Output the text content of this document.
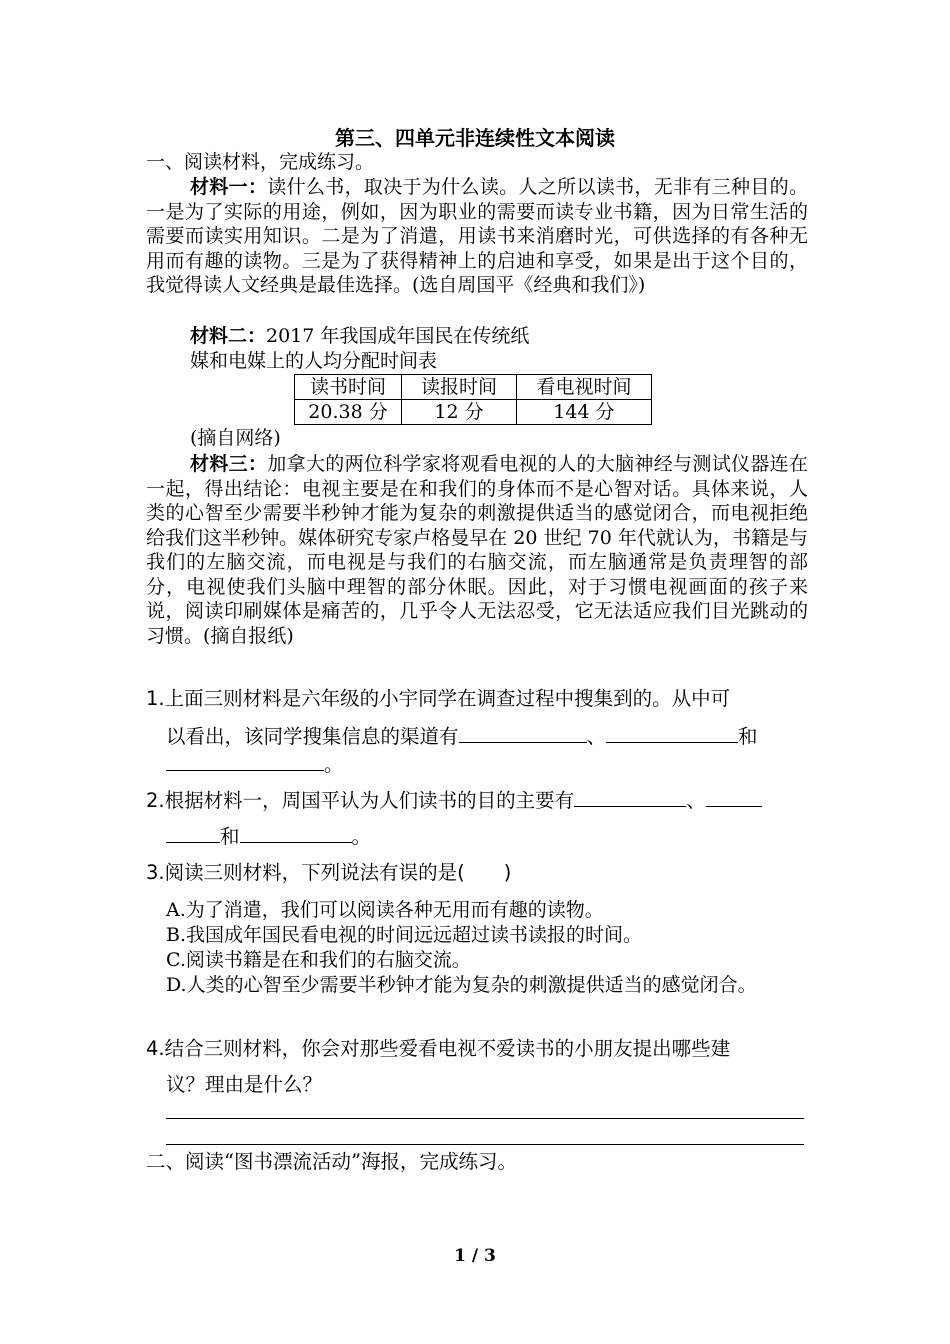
第三、四单元非连续性文本阅读
一、阅读材料，完成练习。
材料一：读什么书，取决于为什么读。人之所以读书，无非有三种目的。一是为了实际的用途，例如，因为职业的需要而读专业书籍，因为日常生活的需要而读实用知识。二是为了消遣，用读书来消磨时光，可供选择的有各种无用而有趣的读物。三是为了获得精神上的启迪和享受，如果是出于这个目的，我觉得读人文经典是最佳选择。(选自周国平《经典和我们》)
材料二：2017 年我国成年国民在传统纸
媒和电媒上的人均分配时间表
读书时间	读报时间	看电视时间
20.38 分	12 分	144 分
(摘自网络)
材料三：加拿大的两位科学家将观看电视的人的大脑神经与测试仪器连在一起，得出结论：电视主要是在和我们的身体而不是心智对话。具体来说，人类的心智至少需要半秒钟才能为复杂的刺激提供适当的感觉闭合，而电视拒绝给我们这半秒钟。媒体研究专家卢格曼早在 20 世纪 70 年代就认为，书籍是与我们的左脑交流，而电视是与我们的右脑交流，而左脑通常是负责理智的部分，电视使我们头脑中理智的部分休眠。因此，对于习惯电视画面的孩子来说，阅读印刷媒体是痛苦的，几乎令人无法忍受，它无法适应我们目光跳动的习惯。(摘自报纸)
1.上面三则材料是六年级的小宇同学在调查过程中搜集到的。从中可
以看出，该同学搜集信息的渠道有	、	和
。
2.根据材料一，周国平认为人们读书的目的主要有	、
和	。
3.阅读三则材料，下列说法有误的是(　　)
A.为了消遣，我们可以阅读各种无用而有趣的读物。
B.我国成年国民看电视的时间远远超过读书读报的时间。
C.阅读书籍是在和我们的右脑交流。
D.人类的心智至少需要半秒钟才能为复杂的刺激提供适当的感觉闭合。
4.结合三则材料，你会对那些爱看电视不爱读书的小朋友提出哪些建
议？理由是什么？
二、阅读“图书漂流活动”海报，完成练习。
1 / 3
